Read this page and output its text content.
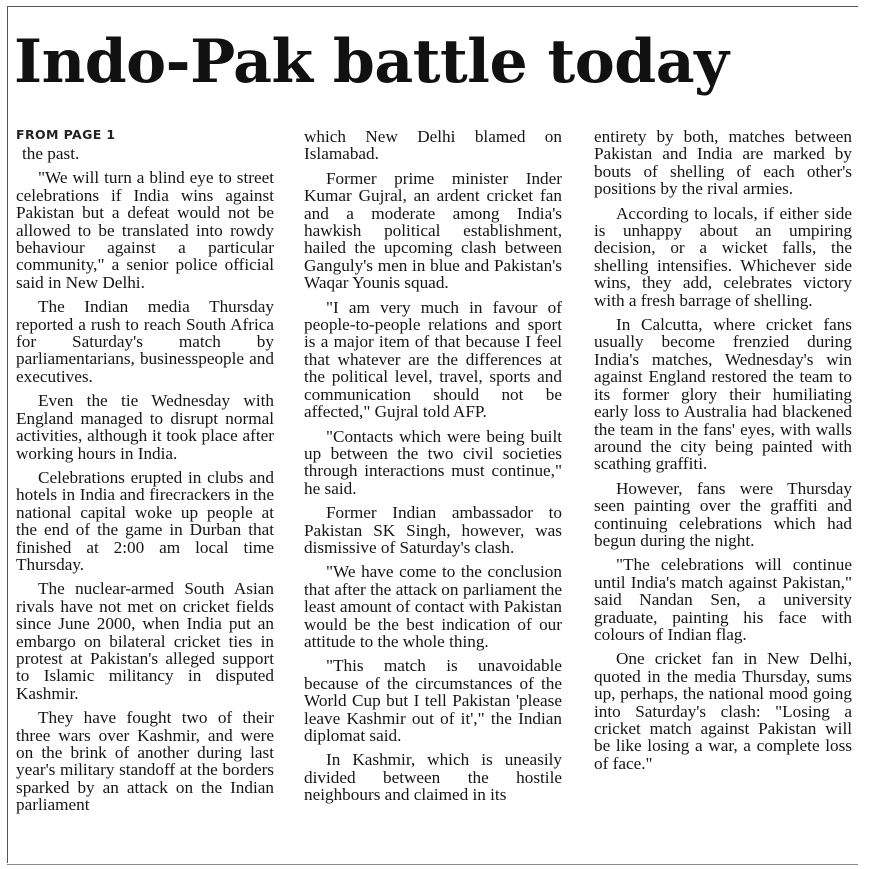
Indo-Pak battle today
FROM PAGE 1

the past.

"We will turn a blind eye to street celebrations if India wins against Pakistan but a defeat would not be allowed to be translated into rowdy behaviour against a particular community," a senior police official said in New Delhi.

The Indian media Thursday reported a rush to reach South Africa for Saturday's match by parliamentarians, businesspeople and executives.

Even the tie Wednesday with England managed to disrupt normal activities, although it took place after working hours in India.

Celebrations erupted in clubs and hotels in India and firecrackers in the national capital woke up people at the end of the game in Durban that finished at 2:00 am local time Thursday.

The nuclear-armed South Asian rivals have not met on cricket fields since June 2000, when India put an embargo on bilateral cricket ties in protest at Pakistan's alleged support to Islamic militancy in disputed Kashmir.

They have fought two of their three wars over Kashmir, and were on the brink of another during last year's military standoff at the borders sparked by an attack on the Indian parliament

which New Delhi blamed on Islamabad.

Former prime minister Inder Kumar Gujral, an ardent cricket fan and a moderate among India's hawkish political establishment, hailed the upcoming clash between Ganguly's men in blue and Pakistan's Waqar Younis squad.

"I am very much in favour of people-to-people relations and sport is a major item of that because I feel that whatever are the differences at the political level, travel, sports and communication should not be affected," Gujral told AFP.

"Contacts which were being built up between the two civil societies through interactions must continue," he said.

Former Indian ambassador to Pakistan SK Singh, however, was dismissive of Saturday's clash.

"We have come to the conclusion that after the attack on parliament the least amount of contact with Pakistan would be the best indication of our attitude to the whole thing.

"This match is unavoidable because of the circumstances of the World Cup but I tell Pakistan 'please leave Kashmir out of it'," the Indian diplomat said.

In Kashmir, which is uneasily divided between the hostile neighbours and claimed in its

entirety by both, matches between Pakistan and India are marked by bouts of shelling of each other's positions by the rival armies.

According to locals, if either side is unhappy about an umpiring decision, or a wicket falls, the shelling intensifies. Whichever side wins, they add, celebrates victory with a fresh barrage of shelling.

In Calcutta, where cricket fans usually become frenzied during India's matches, Wednesday's win against England restored the team to its former glory their humiliating early loss to Australia had blackened the team in the fans' eyes, with walls around the city being painted with scathing graffiti.

However, fans were Thursday seen painting over the graffiti and continuing celebrations which had begun during the night.

"The celebrations will continue until India's match against Pakistan," said Nandan Sen, a university graduate, painting his face with colours of Indian flag.

One cricket fan in New Delhi, quoted in the media Thursday, sums up, perhaps, the national mood going into Saturday's clash: "Losing a cricket match against Pakistan will be like losing a war, a complete loss of face."
